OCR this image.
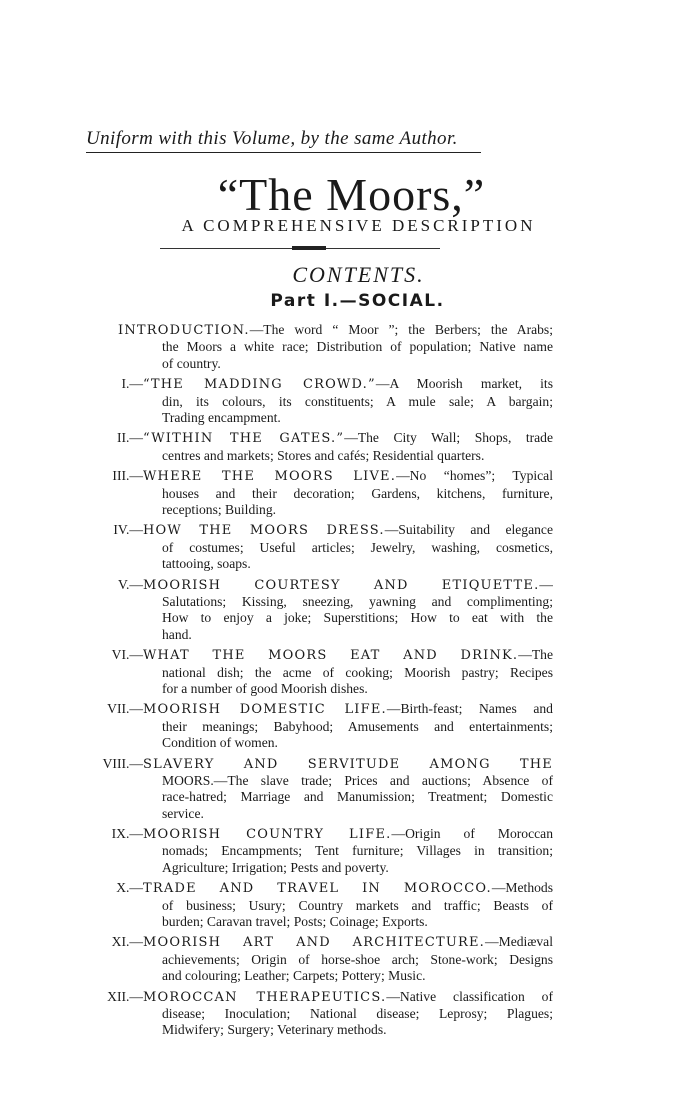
Uniform with this Volume, by the same Author.
“The Moors,”
A COMPREHENSIVE DESCRIPTION
CONTENTS.
Part I.—SOCIAL.
INTRODUCTION.—The word “ Moor ”; the Berbers; the Arabs;
the Moors a white race; Distribution of population; Native name
of country.
I.— “THE MADDING CROWD.”—A Moorish market, its
din, its colours, its constituents; A mule sale; A bargain;
Trading encampment.
II.— “WITHIN THE GATES.”—The City Wall; Shops, trade
centres and markets; Stores and cafés; Residential quarters.
III.— WHERE THE MOORS LIVE.—No “homes”; Typical
houses and their decoration; Gardens, kitchens, furniture,
receptions; Building.
IV.— HOW THE MOORS DRESS.—Suitability and elegance
of costumes; Useful articles; Jewelry, washing, cosmetics,
tattooing, soaps.
V.— MOORISH COURTESY AND ETIQUETTE.—
Salutations; Kissing, sneezing, yawning and complimenting;
How to enjoy a joke; Superstitions; How to eat with the
hand.
VI.— WHAT THE MOORS EAT AND DRINK.—The
national dish; the acme of cooking; Moorish pastry; Recipes
for a number of good Moorish dishes.
VII.— MOORISH DOMESTIC LIFE.—Birth-feast; Names and
their meanings; Babyhood; Amusements and entertainments;
Condition of women.
VIII.— SLAVERY AND SERVITUDE AMONG THE
MOORS.—The slave trade; Prices and auctions; Absence of
race-hatred; Marriage and Manumission; Treatment; Domestic
service.
IX.— MOORISH COUNTRY LIFE.—Origin of Moroccan
nomads; Encampments; Tent furniture; Villages in transition;
Agriculture; Irrigation; Pests and poverty.
X.— TRADE AND TRAVEL IN MOROCCO.—Methods
of business; Usury; Country markets and traffic; Beasts of
burden; Caravan travel; Posts; Coinage; Exports.
XI.— MOORISH ART AND ARCHITECTURE.—Mediæval
achievements; Origin of horse-shoe arch; Stone-work; Designs
and colouring; Leather; Carpets; Pottery; Music.
XII.— MOROCCAN THERAPEUTICS.—Native classification of
disease; Inoculation; National disease; Leprosy; Plagues;
Midwifery; Surgery; Veterinary methods.
